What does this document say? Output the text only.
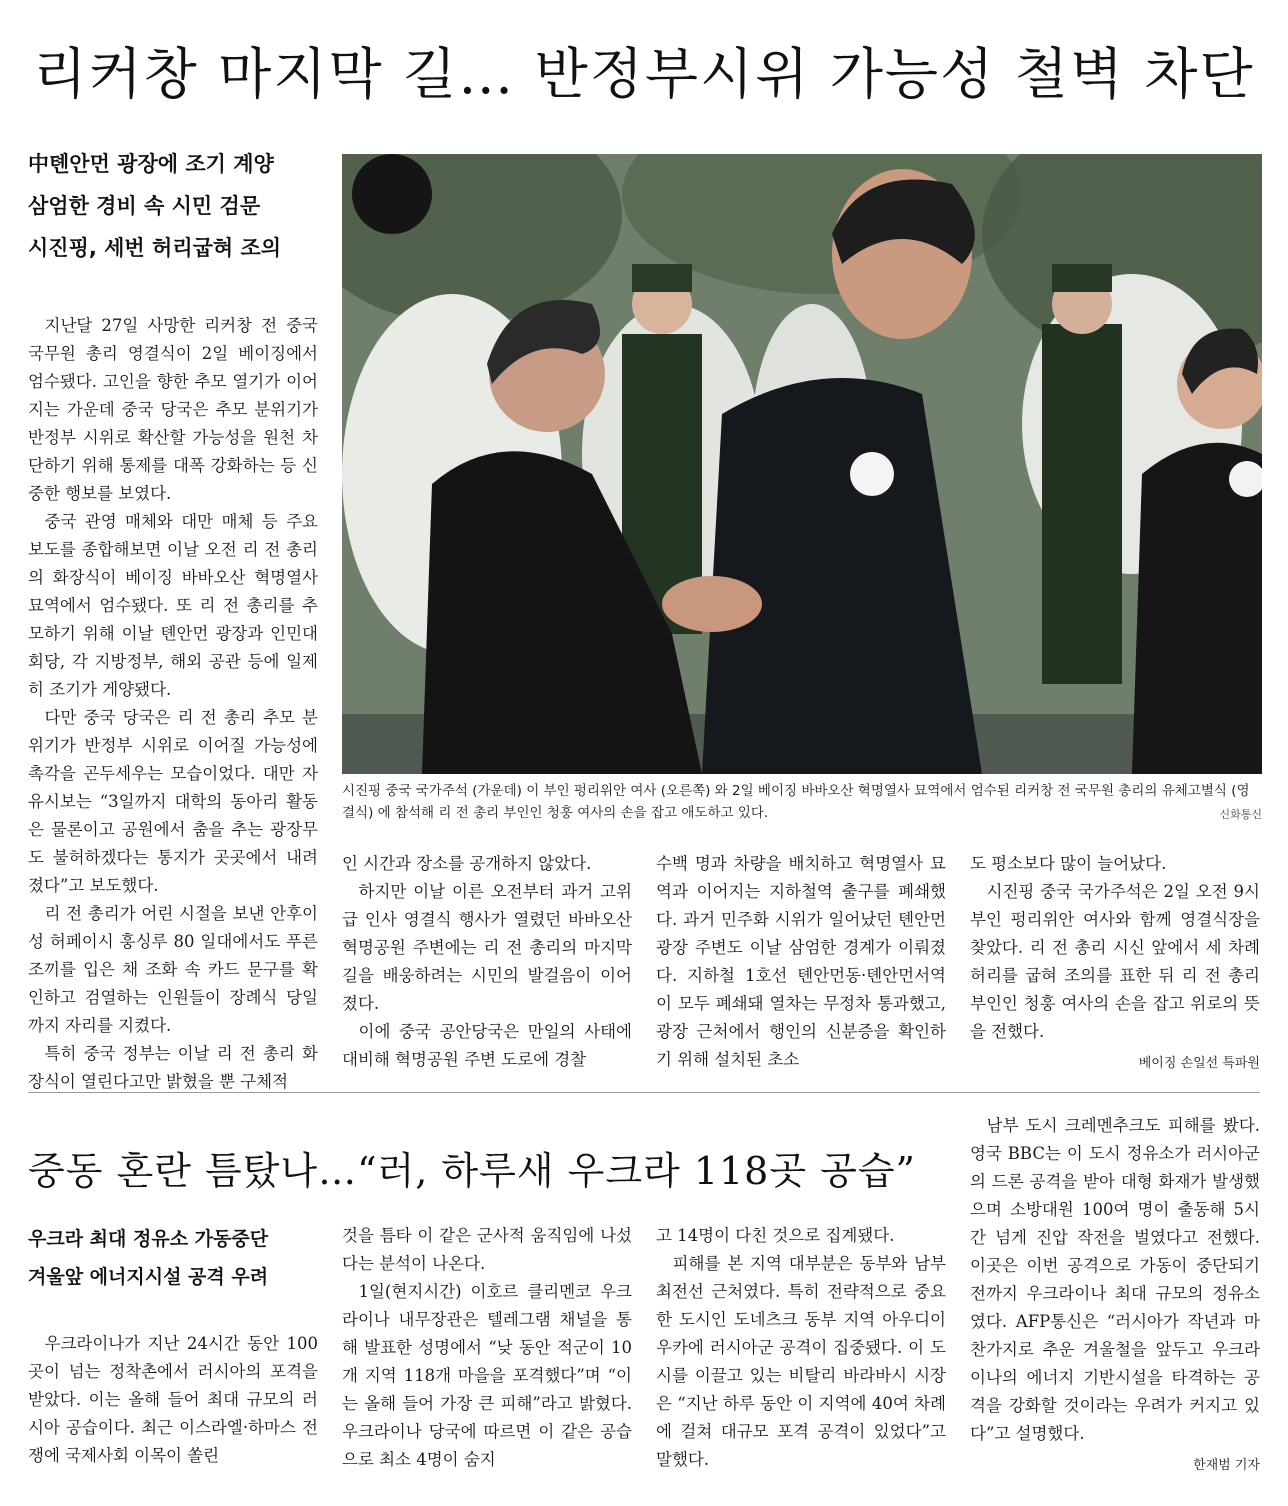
리커창 마지막 길… 반정부시위 가능성 철벽 차단

中톈안먼 광장에 조기 계양

삼엄한 경비 속 시민 검문

시진핑, 세번 허리굽혀 조의

시진핑 중국 국가주석 (가운데) 이 부인 펑리위안 여사 (오른쪽) 와 2일 베이징 바바오산 혁명열사 묘역에서 엄수된 리커창 전 국무원 총리의 유체고별식 (영결식) 에 참석해 리 전 총리 부인인 청훙 여사의 손을 잡고 애도하고 있다.	신화통신

지난달 27일 사망한 리커창 전 중국 국무원 총리 영결식이 2일 베이징에서 엄수됐다. 고인을 향한 추모 열기가 이어지는 가운데 중국 당국은 추모 분위기가 반정부 시위로 확산할 가능성을 원천 차단하기 위해 통제를 대폭 강화하는 등 신중한 행보를 보였다.

중국 관영 매체와 대만 매체 등 주요 보도를 종합해보면 이날 오전 리 전 총리의 화장식이 베이징 바바오산 혁명열사 묘역에서 엄수됐다. 또 리 전 총리를 추모하기 위해 이날 톈안먼 광장과 인민대회당, 각 지방정부, 해외 공관 등에 일제히 조기가 게양됐다.

다만 중국 당국은 리 전 총리 추모 분위기가 반정부 시위로 이어질 가능성에 촉각을 곤두세우는 모습이었다. 대만 자유시보는 “3일까지 대학의 동아리 활동은 물론이고 공원에서 춤을 추는 광장무도 불허하겠다는 통지가 곳곳에서 내려졌다”고 보도했다.

리 전 총리가 어린 시절을 보낸 안후이성 허페이시 훙싱루 80 일대에서도 푸른 조끼를 입은 채 조화 속 카드 문구를 확인하고 검열하는 인원들이 장례식 당일까지 자리를 지켰다.

특히 중국 정부는 이날 리 전 총리 화장식이 열린다고만 밝혔을 뿐 구체적

인 시간과 장소를 공개하지 않았다.

하지만 이날 이른 오전부터 과거 고위급 인사 영결식 행사가 열렸던 바바오산 혁명공원 주변에는 리 전 총리의 마지막 길을 배웅하려는 시민의 발걸음이 이어졌다.

이에 중국 공안당국은 만일의 사태에 대비해 혁명공원 주변 도로에 경찰

수백 명과 차량을 배치하고 혁명열사 묘역과 이어지는 지하철역 출구를 폐쇄했다. 과거 민주화 시위가 일어났던 톈안먼 광장 주변도 이날 삼엄한 경계가 이뤄졌다. 지하철 1호선 톈안먼동·톈안먼서역이 모두 폐쇄돼 열차는 무정차 통과했고, 광장 근처에서 행인의 신분증을 확인하기 위해 설치된 초소

도 평소보다 많이 늘어났다.

시진핑 중국 국가주석은 2일 오전 9시 부인 펑리위안 여사와 함께 영결식장을 찾았다. 리 전 총리 시신 앞에서 세 차례 허리를 굽혀 조의를 표한 뒤 리 전 총리 부인인 청훙 여사의 손을 잡고 위로의 뜻을 전했다.

베이징 손일선 특파원
중동 혼란 틈탔나…“러, 하루새 우크라 118곳 공습”

우크라 최대 정유소 가동중단

겨울앞 에너지시설 공격 우려

우크라이나가 지난 24시간 동안 100곳이 넘는 정착촌에서 러시아의 포격을 받았다. 이는 올해 들어 최대 규모의 러시아 공습이다. 최근 이스라엘·하마스 전쟁에 국제사회 이목이 쏠린

것을 틈타 이 같은 군사적 움직임에 나섰다는 분석이 나온다.

1일(현지시간) 이호르 클리멘코 우크라이나 내무장관은 텔레그램 채널을 통해 발표한 성명에서 “낮 동안 적군이 10개 지역 118개 마을을 포격했다”며 “이는 올해 들어 가장 큰 피해”라고 밝혔다. 우크라이나 당국에 따르면 이 같은 공습으로 최소 4명이 숨지

고 14명이 다친 것으로 집계됐다.

피해를 본 지역 대부분은 동부와 남부 최전선 근처였다. 특히 전략적으로 중요한 도시인 도네츠크 동부 지역 아우디이우카에 러시아군 공격이 집중됐다. 이 도시를 이끌고 있는 비탈리 바라바시 시장은 “지난 하루 동안 이 지역에 40여 차례에 걸쳐 대규모 포격 공격이 있었다”고 말했다.

남부 도시 크레멘추크도 피해를 봤다. 영국 BBC는 이 도시 정유소가 러시아군의 드론 공격을 받아 대형 화재가 발생했으며 소방대원 100여 명이 출동해 5시간 넘게 진압 작전을 벌였다고 전했다. 이곳은 이번 공격으로 가동이 중단되기 전까지 우크라이나 최대 규모의 정유소였다. AFP통신은 “러시아가 작년과 마찬가지로 추운 겨울철을 앞두고 우크라이나의 에너지 기반시설을 타격하는 공격을 강화할 것이라는 우려가 커지고 있다”고 설명했다.

한재범 기자
